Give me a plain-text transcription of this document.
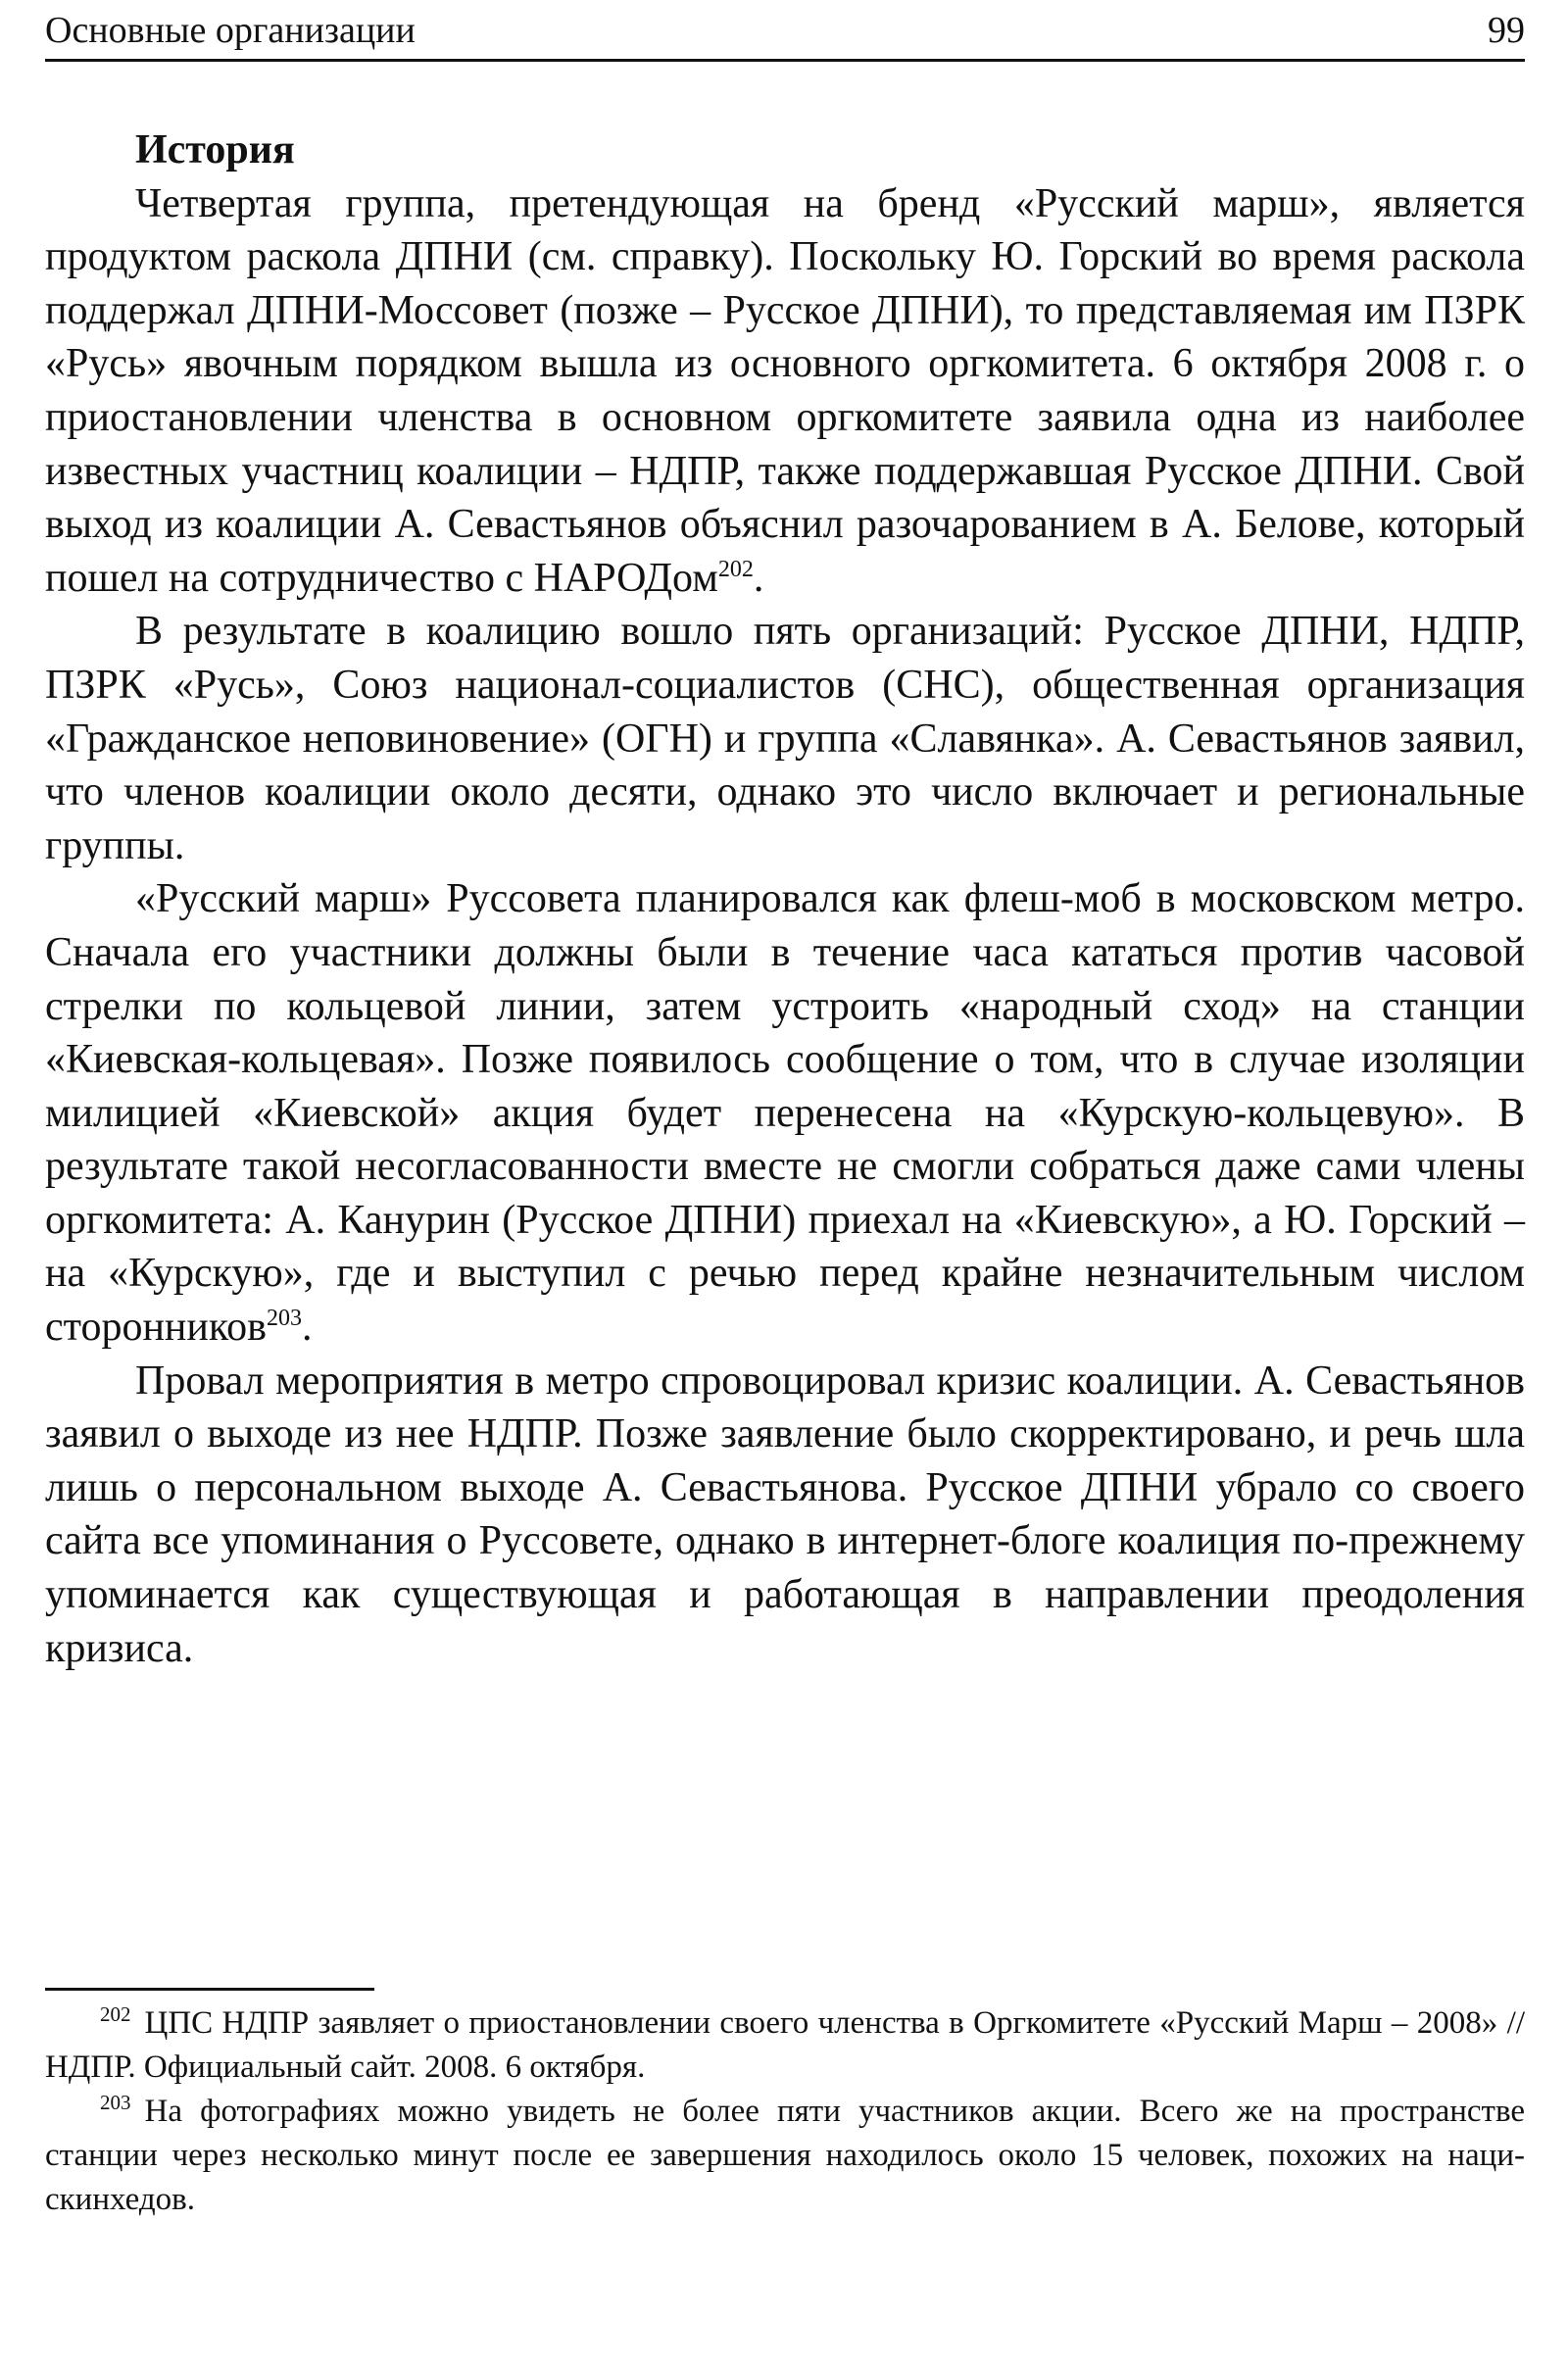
Основные организации	99
История

Четвертая группа, претендующая на бренд «Русский марш», является продуктом раскола ДПНИ (см. справку). Поскольку Ю. Горский во время раскола поддержал ДПНИ-Моссовет (позже – Русское ДПНИ), то представляемая им ПЗРК «Русь» явочным порядком вышла из основного оргкомитета. 6 октября 2008 г. о приостановлении членства в основном оргкомитете заявила одна из наиболее известных участниц коалиции – НДПР, также поддержавшая Русское ДПНИ. Свой выход из коалиции А. Севастьянов объяснил разочарованием в А. Белове, который пошел на сотрудничество с НАРОДом$^{202}$.

В результате в коалицию вошло пять организаций: Русское ДПНИ, НДПР, ПЗРК «Русь», Союз национал-социалистов (СНС), общественная организация «Гражданское неповиновение» (ОГН) и группа «Славянка». А. Севастьянов заявил, что членов коалиции около десяти, однако это число включает и региональные группы.

«Русский марш» Руссовета планировался как флеш-моб в московском метро. Сначала его участники должны были в течение часа кататься против часовой стрелки по кольцевой линии, затем устроить «народный сход» на станции «Киевская-кольцевая». Позже появилось сообщение о том, что в случае изоляции милицией «Киевской» акция будет перенесена на «Курскую-кольцевую». В результате такой несогласованности вместе не смогли собраться даже сами члены оргкомитета: А. Канурин (Русское ДПНИ) приехал на «Киевскую», а Ю. Горский – на «Курскую», где и выступил с речью перед крайне незначительным числом сторонников$^{203}$.

Провал мероприятия в метро спровоцировал кризис коалиции. А. Севастьянов заявил о выходе из нее НДПР. Позже заявление было скорректировано, и речь шла лишь о персональном выходе А. Севастьянова. Русское ДПНИ убрало со своего сайта все упоминания о Руссовете, однако в интернет-блоге коалиция по-прежнему упоминается как существующая и работающая в направлении преодоления кризиса.

$^{202}$ ЦПС НДПР заявляет о приостановлении своего членства в Оргкомитете «Русский Марш – 2008» // НДПР. Официальный сайт. 2008. 6 октября.

$^{203}$ На фотографиях можно увидеть не более пяти участников акции. Всего же на пространстве станции через несколько минут после ее завершения находилось около 15 человек, похожих на наци-скинхедов.
